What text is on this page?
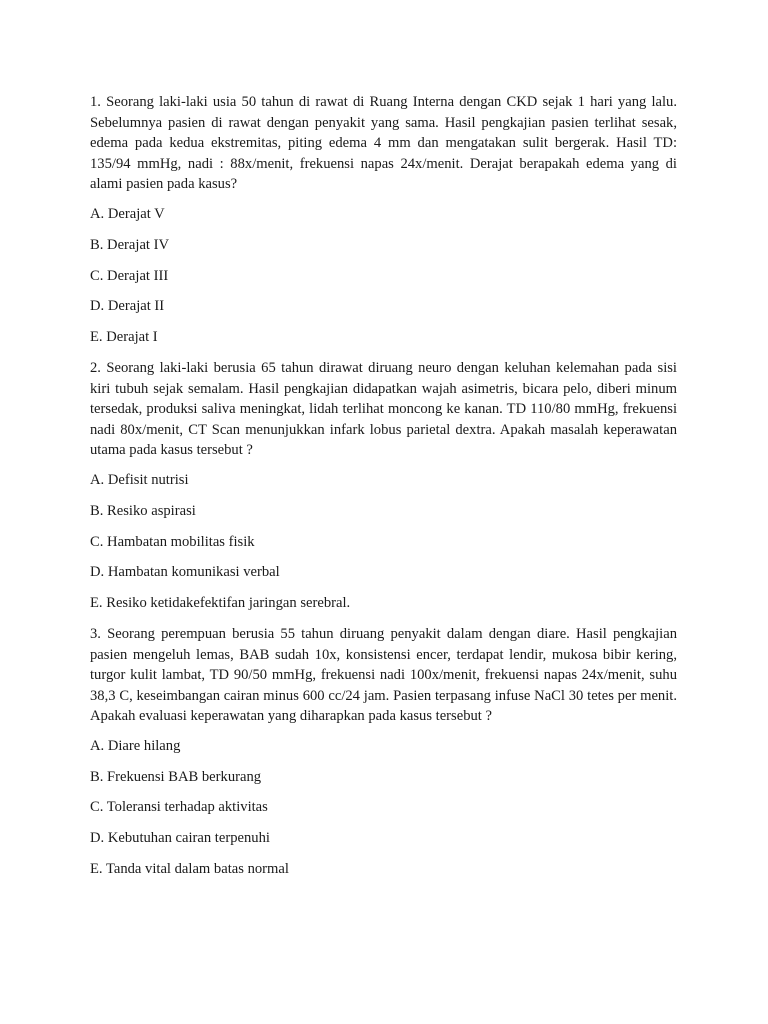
1. Seorang laki-laki usia 50 tahun di rawat di Ruang Interna dengan CKD sejak 1 hari yang lalu. Sebelumnya pasien di rawat dengan penyakit yang sama. Hasil pengkajian pasien terlihat sesak, edema pada kedua ekstremitas, piting edema 4 mm dan mengatakan sulit bergerak. Hasil TD: 135/94 mmHg, nadi : 88x/menit, frekuensi napas 24x/menit. Derajat berapakah edema yang di alami pasien pada kasus?

A. Derajat V

B. Derajat IV

C. Derajat III

D. Derajat II

E. Derajat I

2. Seorang laki-laki berusia 65 tahun dirawat diruang neuro dengan keluhan kelemahan pada sisi kiri tubuh sejak semalam. Hasil pengkajian didapatkan wajah asimetris, bicara pelo, diberi minum tersedak, produksi saliva meningkat, lidah terlihat moncong ke kanan. TD 110/80 mmHg, frekuensi nadi 80x/menit, CT Scan menunjukkan infark lobus parietal dextra. Apakah masalah keperawatan utama pada kasus tersebut ?

A. Defisit nutrisi

B. Resiko aspirasi

C. Hambatan mobilitas fisik

D. Hambatan komunikasi verbal

E. Resiko ketidakefektifan jaringan serebral.

3. Seorang perempuan berusia 55 tahun diruang penyakit dalam dengan diare. Hasil pengkajian pasien mengeluh lemas, BAB sudah 10x, konsistensi encer, terdapat lendir, mukosa bibir kering, turgor kulit lambat, TD 90/50 mmHg, frekuensi nadi 100x/menit, frekuensi napas 24x/menit, suhu 38,3 C, keseimbangan cairan minus 600 cc/24 jam. Pasien terpasang infuse NaCl 30 tetes per menit. Apakah evaluasi keperawatan yang diharapkan pada kasus tersebut ?

A. Diare hilang

B. Frekuensi BAB berkurang

C. Toleransi terhadap aktivitas

D. Kebutuhan cairan terpenuhi

E. Tanda vital dalam batas normal
